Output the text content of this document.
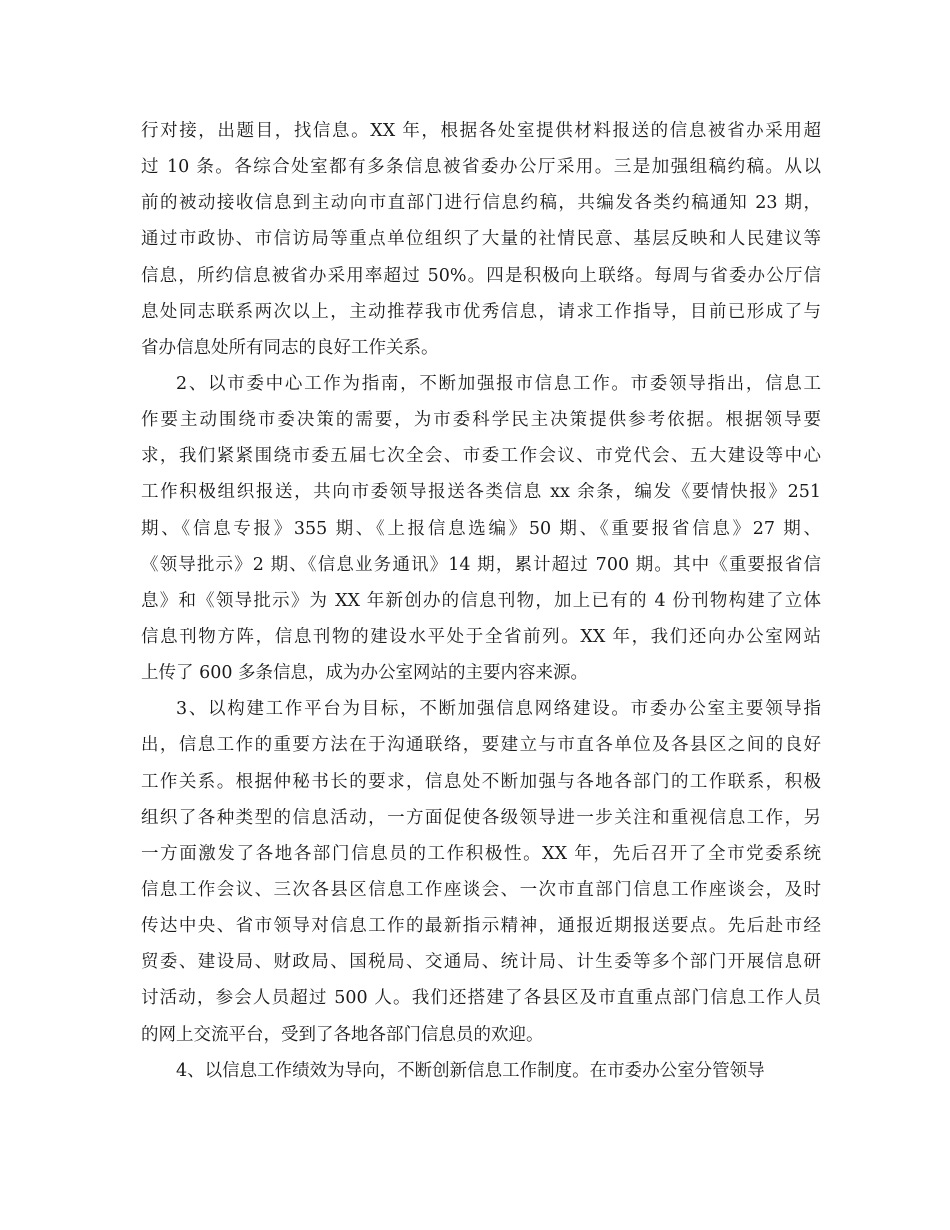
行对接，出题目，找信息。XX 年，根据各处室提供材料报送的信息被省办采用超
过 10 条。各综合处室都有多条信息被省委办公厅采用。三是加强组稿约稿。从以
前的被动接收信息到主动向市直部门进行信息约稿，共编发各类约稿通知 23 期，
通过市政协、市信访局等重点单位组织了大量的社情民意、基层反映和人民建议等
信息，所约信息被省办采用率超过 50%。四是积极向上联络。每周与省委办公厅信
息处同志联系两次以上，主动推荐我市优秀信息，请求工作指导，目前已形成了与
省办信息处所有同志的良好工作关系。
2、以市委中心工作为指南，不断加强报市信息工作。市委领导指出，信息工
作要主动围绕市委决策的需要，为市委科学民主决策提供参考依据。根据领导要
求，我们紧紧围绕市委五届七次全会、市委工作会议、市党代会、五大建设等中心
工作积极组织报送，共向市委领导报送各类信息 xx 余条，编发《要情快报》251
期、《信息专报》355 期、《上报信息选编》50 期、《重要报省信息》27 期、
《领导批示》2 期、《信息业务通讯》14 期，累计超过 700 期。其中《重要报省信
息》和《领导批示》为 XX 年新创办的信息刊物，加上已有的 4 份刊物构建了立体
信息刊物方阵，信息刊物的建设水平处于全省前列。XX 年，我们还向办公室网站
上传了 600 多条信息，成为办公室网站的主要内容来源。
3、以构建工作平台为目标，不断加强信息网络建设。市委办公室主要领导指
出，信息工作的重要方法在于沟通联络，要建立与市直各单位及各县区之间的良好
工作关系。根据仲秘书长的要求，信息处不断加强与各地各部门的工作联系，积极
组织了各种类型的信息活动，一方面促使各级领导进一步关注和重视信息工作，另
一方面激发了各地各部门信息员的工作积极性。XX 年，先后召开了全市党委系统
信息工作会议、三次各县区信息工作座谈会、一次市直部门信息工作座谈会，及时
传达中央、省市领导对信息工作的最新指示精神，通报近期报送要点。先后赴市经
贸委、建设局、财政局、国税局、交通局、统计局、计生委等多个部门开展信息研
讨活动，参会人员超过 500 人。我们还搭建了各县区及市直重点部门信息工作人员
的网上交流平台，受到了各地各部门信息员的欢迎。
4、以信息工作绩效为导向，不断创新信息工作制度。在市委办公室分管领导
